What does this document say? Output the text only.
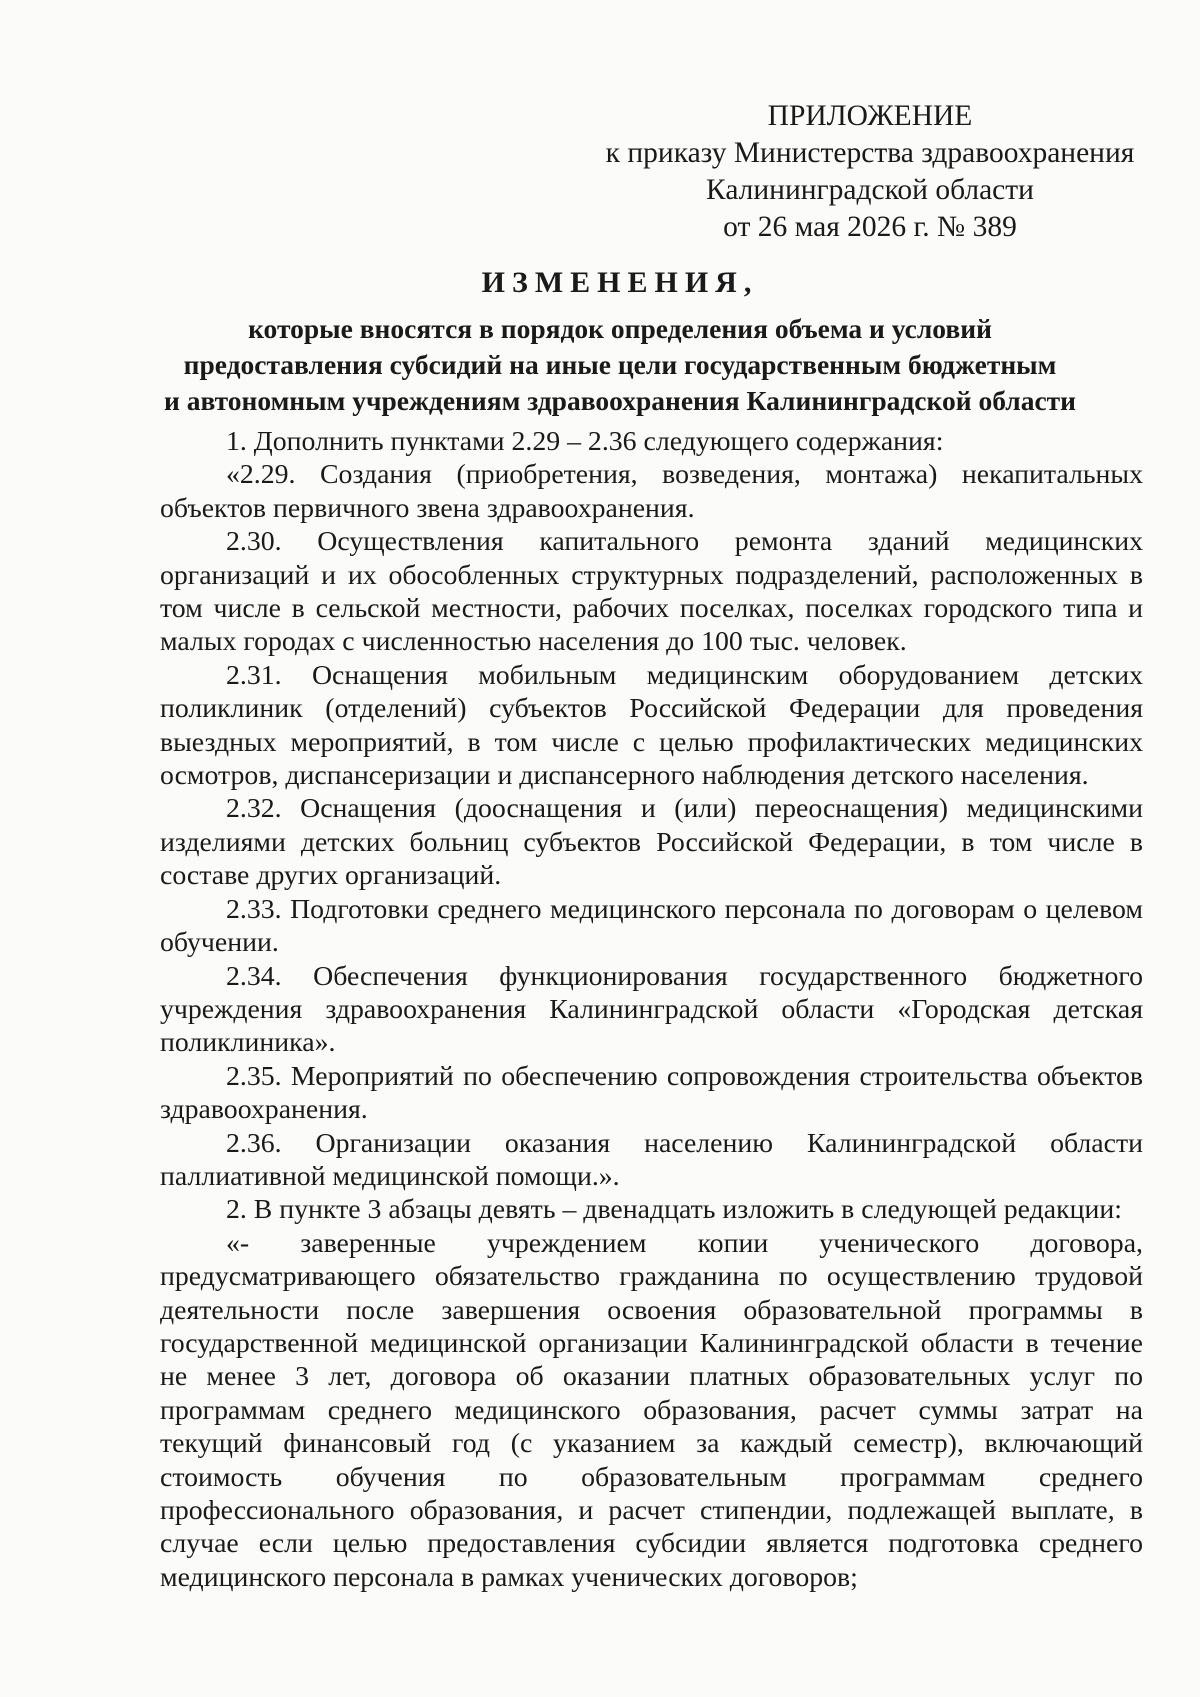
ПРИЛОЖЕНИЕ
к приказу Министерства здравоохранения
Калининградской области
от 26 мая 2026 г. № 389
ИЗМЕНЕНИЯ,
которые вносятся в порядок определения объема и условий
предоставления субсидий на иные цели государственным бюджетным
и автономным учреждениям здравоохранения Калининградской области

1. Дополнить пунктами 2.29 – 2.36 следующего содержания:

«2.29. Создания (приобретения, возведения, монтажа) некапитальных объектов первичного звена здравоохранения.

2.30. Осуществления капитального ремонта зданий медицинских организаций и их обособленных структурных подразделений, расположенных в том числе в сельской местности, рабочих поселках, поселках городского типа и малых городах с численностью населения до 100 тыс. человек.

2.31. Оснащения мобильным медицинским оборудованием детских поликлиник (отделений) субъектов Российской Федерации для проведения выездных мероприятий, в том числе с целью профилактических медицинских осмотров, диспансеризации и диспансерного наблюдения детского населения.

2.32. Оснащения (дооснащения и (или) переоснащения) медицинскими изделиями детских больниц субъектов Российской Федерации, в том числе в составе других организаций.

2.33. Подготовки среднего медицинского персонала по договорам о целевом обучении.

2.34. Обеспечения функционирования государственного бюджетного учреждения здравоохранения Калининградской области «Городская детская поликлиника».

2.35. Мероприятий по обеспечению сопровождения строительства объектов здравоохранения.

2.36. Организации оказания населению Калининградской области паллиативной медицинской помощи.».

2. В пункте 3 абзацы девять – двенадцать изложить в следующей редакции:

«- заверенные учреждением копии ученического договора, предусматривающего обязательство гражданина по осуществлению трудовой деятельности после завершения освоения образовательной программы в государственной медицинской организации Калининградской области в течение не менее 3 лет, договора об оказании платных образовательных услуг по программам среднего медицинского образования, расчет суммы затрат на текущий финансовый год (с указанием за каждый семестр), включающий стоимость обучения по образовательным программам среднего профессионального образования, и расчет стипендии, подлежащей выплате, в случае если целью предоставления субсидии является подготовка среднего медицинского персонала в рамках ученических договоров;
